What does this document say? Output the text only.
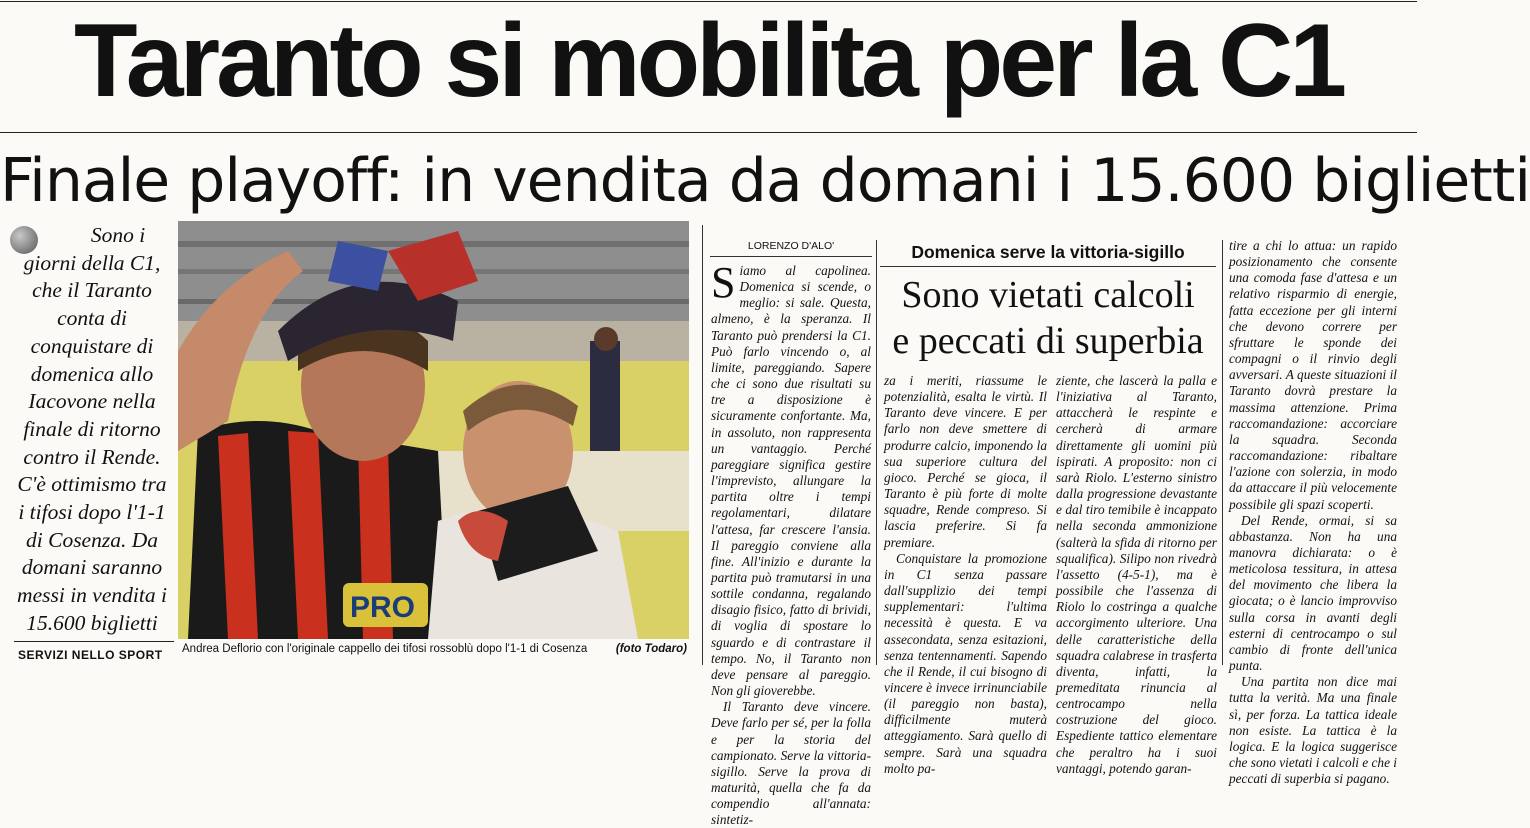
Taranto si mobilita per la C1
Finale playoff: in vendita da domani i 15.600 biglietti
Sono i giorni della C1, che il Taranto conta di conquistare di domenica allo Iacovone nella finale di ritorno contro il Rende. C'è ottimismo tra i tifosi dopo l'1-1 di Cosenza. Da domani saranno messi in vendita i 15.600 biglietti
SERVIZI NELLO SPORT
PRO
Andrea Deflorio con l'originale cappello dei tifosi rossoblù dopo l'1-1 di Cosenza (foto Todaro)
LORENZO D'ALO'	Domenica serve la vittoria-sigillo
Sono vietati calcoli
e peccati di superbia
S iamo al capolinea. Domenica si scende, o meglio: si sale. Questa, almeno, è la speranza. Il Taranto può prendersi la C1. Può farlo vincendo o, al limite, pareggiando. Sapere che ci sono due risultati su tre a disposizione è sicuramente confortante. Ma, in assoluto, non rappresenta un vantaggio. Perché pareggiare significa gestire l'imprevisto, allungare la partita oltre i tempi regolamentari, dilatare l'attesa, far crescere l'ansia. Il pareggio conviene alla fine. All'inizio e durante la partita può tramutarsi in una sottile condanna, regalando disagio fisico, fatto di brividi, di voglia di spostare lo sguardo e di contrastare il tempo. No, il Taranto non deve pensare al pareggio. Non gli gioverebbe.

Il Taranto deve vincere. Deve farlo per sé, per la folla e per la storia del campionato. Serve la vittoria-sigillo. Serve la prova di maturità, quella che fa da compendio all'annata: sintetiz-

za i meriti, riassume le potenzialità, esalta le virtù. Il Taranto deve vincere. E per farlo non deve smettere di produrre calcio, imponendo la sua superiore cultura del gioco. Perché se gioca, il Taranto è più forte di molte squadre, Rende compreso. Si lascia preferire. Si fa premiare.

Conquistare la promozione in C1 senza passare dall'supplizio dei tempi supplementari: l'ultima necessità è questa. E va assecondata, senza esitazioni, senza tentennamenti. Sapendo che il Rende, il cui bisogno di vincere è invece irrinunciabile (il pareggio non basta), difficilmente muterà atteggiamento. Sarà quello di sempre. Sarà una squadra molto pa-

ziente, che lascerà la palla e l'iniziativa al Taranto, attaccherà le respinte e cercherà di armare direttamente gli uomini più ispirati. A proposito: non ci sarà Riolo. L'esterno sinistro dalla progressione devastante e dal tiro temibile è incappato nella seconda ammonizione (salterà la sfida di ritorno per squalifica). Silipo non rivedrà l'assetto (4-5-1), ma è possibile che l'assenza di Riolo lo costringa a qualche accorgimento ulteriore. Una delle caratteristiche della squadra calabrese in trasferta diventa, infatti, la premeditata rinuncia al centrocampo nella costruzione del gioco. Espediente tattico elementare che peraltro ha i suoi vantaggi, potendo garan-

tire a chi lo attua: un rapido posizionamento che consente una comoda fase d'attesa e un relativo risparmio di energie, fatta eccezione per gli interni che devono correre per sfruttare le sponde dei compagni o il rinvio degli avversari. A queste situazioni il Taranto dovrà prestare la massima attenzione. Prima raccomandazione: accorciare la squadra. Seconda raccomandazione: ribaltare l'azione con solerzia, in modo da attaccare il più velocemente possibile gli spazi scoperti.

Del Rende, ormai, si sa abbastanza. Non ha una manovra dichiarata: o è meticolosa tessitura, in attesa del movimento che libera la giocata; o è lancio improvviso sulla corsa in avanti degli esterni di centrocampo o sul cambio di fronte dell'unica punta.

Una partita non dice mai tutta la verità. Ma una finale sì, per forza. La tattica ideale non esiste. La tattica è la logica. E la logica suggerisce che sono vietati i calcoli e che i peccati di superbia si pagano.
